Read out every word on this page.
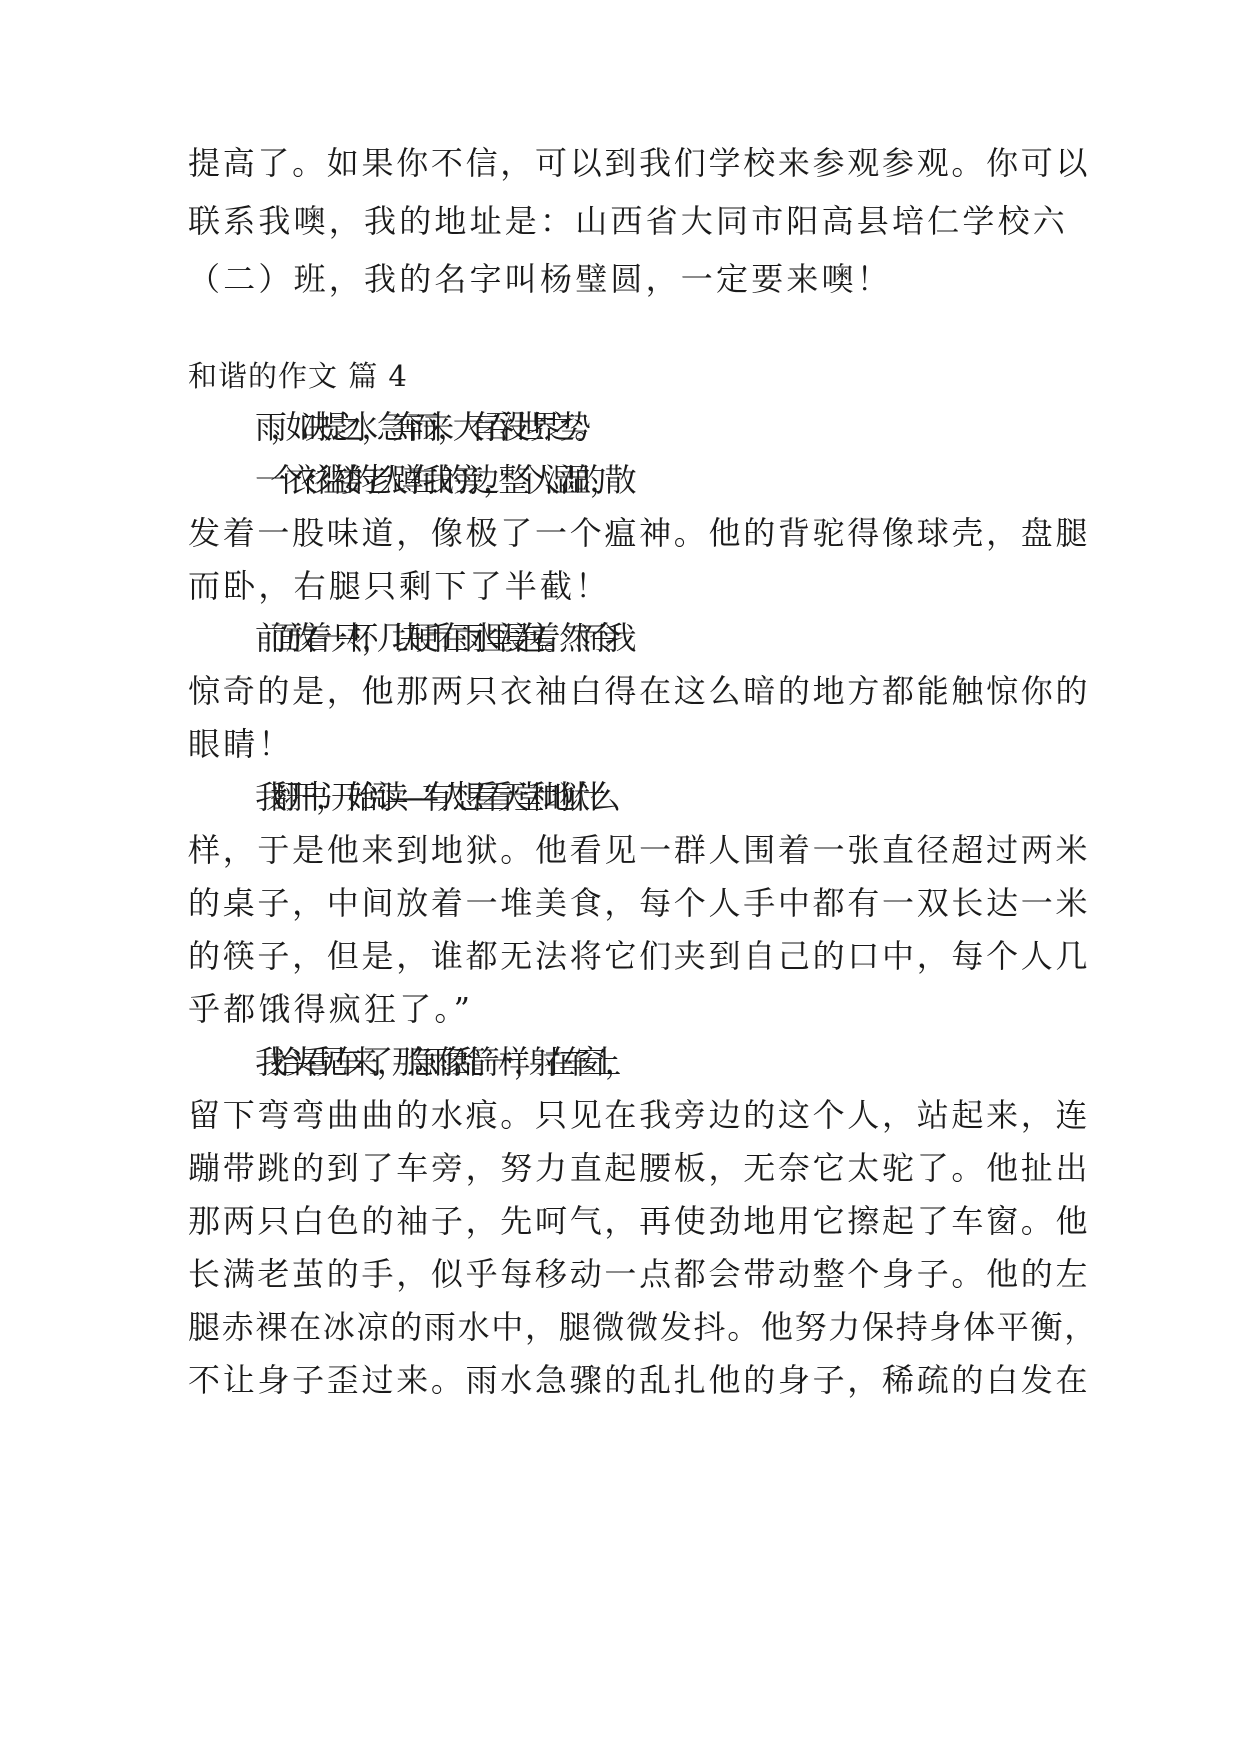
提高了。如果你不信，可以到我们学校来参观参观。你可以
联系我噢，我的地址是：山西省大同市阳高县培仁学校六
（二）班，我的名字叫杨璧圆，一定要来噢！
和谐的作文 篇 4
雨，如决提之水，急奔而来，大有吞没世界之势。
一个衣衫褴褛的老人蹲在我的旁边，整个人湿湿的，散
发着一股味道，像极了一个瘟神。他的背驼得像球壳，盘腿
而卧，右腿只剩下了半截！
前面放着一只杯，几块硬币在雨水里浸泡着。然而令我
惊奇的是，他那两只衣袖白得在这么暗的地方都能触惊你的
眼睛！
我翻开书，开始阅读——“有人想看看天堂和地狱什么
样，于是他来到地狱。他看见一群人围着一张直径超过两米
的桌子，中间放着一堆美食，每个人手中都有一双长达一米
的筷子，但是，谁都无法将它们夹到自己的口中，每个人几
乎都饿得疯狂了。”
我抬头看见车来了，那急雨像乱箭一样，射在车窗上，
留下弯弯曲曲的水痕。只见在我旁边的这个人，站起来，连
蹦带跳的到了车旁，努力直起腰板，无奈它太驼了。他扯出
那两只白色的袖子，先呵气，再使劲地用它擦起了车窗。他
长满老茧的手，似乎每移动一点都会带动整个身子。他的左
腿赤裸在冰凉的雨水中，腿微微发抖。他努力保持身体平衡，
不让身子歪过来。雨水急骤的乱扎他的身子，稀疏的白发在
